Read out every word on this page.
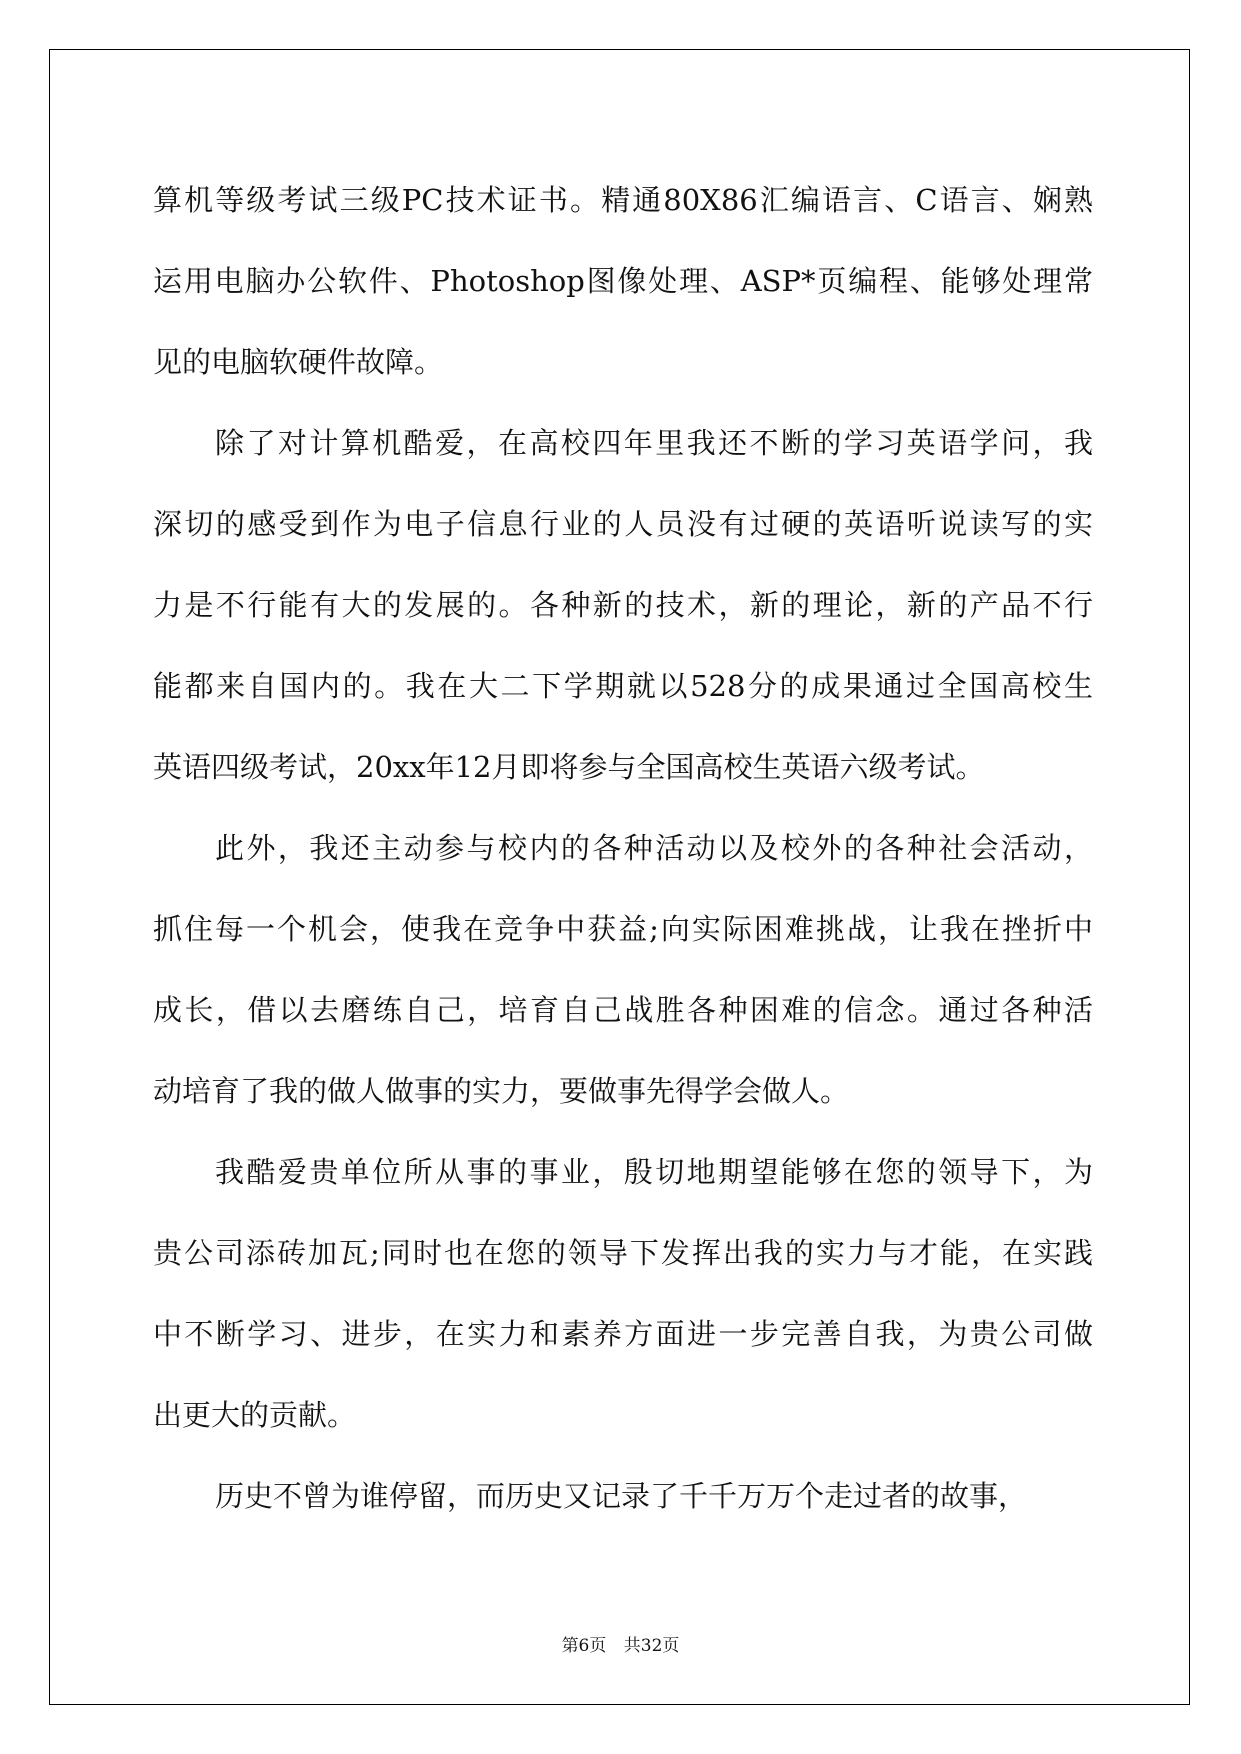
算机等级考试三级PC技术证书。精通80X86汇编语言、C语言、娴熟
运用电脑办公软件、Photoshop图像处理、ASP*页编程、能够处理常
见的电脑软硬件故障。
除了对计算机酷爱，在高校四年里我还不断的学习英语学问，我
深切的感受到作为电子信息行业的人员没有过硬的英语听说读写的实
力是不行能有大的发展的。各种新的技术，新的理论，新的产品不行
能都来自国内的。我在大二下学期就以528分的成果通过全国高校生
英语四级考试，20xx年12月即将参与全国高校生英语六级考试。
此外，我还主动参与校内的各种活动以及校外的各种社会活动，
抓住每一个机会，使我在竞争中获益;向实际困难挑战，让我在挫折中
成长，借以去磨练自己，培育自己战胜各种困难的信念。通过各种活
动培育了我的做人做事的实力，要做事先得学会做人。
我酷爱贵单位所从事的事业，殷切地期望能够在您的领导下，为
贵公司添砖加瓦;同时也在您的领导下发挥出我的实力与才能，在实践
中不断学习、进步，在实力和素养方面进一步完善自我，为贵公司做
出更大的贡献。
历史不曾为谁停留，而历史又记录了千千万万个走过者的故事，
第6页 共32页
